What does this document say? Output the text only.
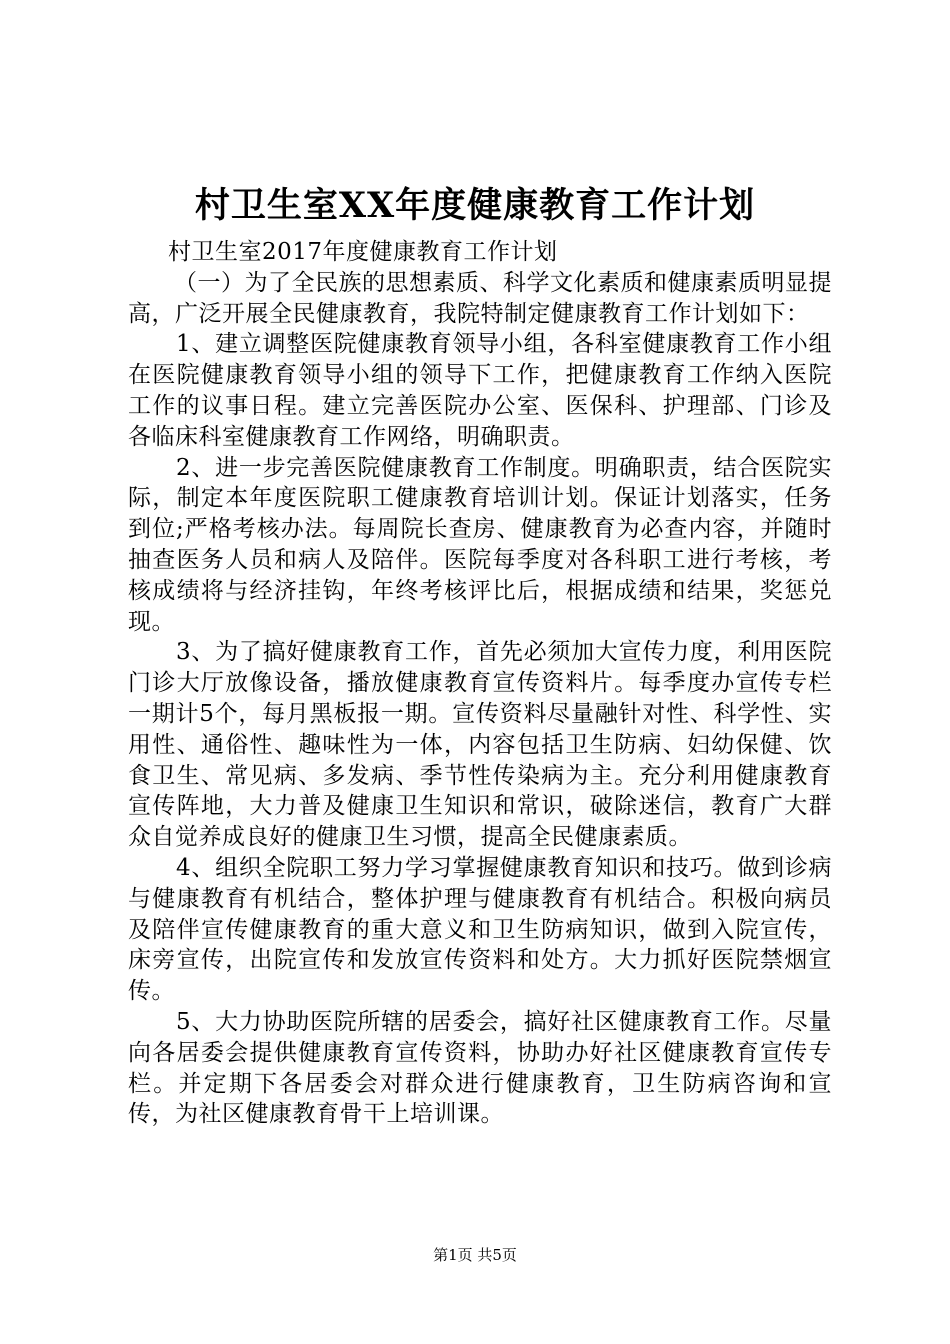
村卫生室XX年度健康教育工作计划

村卫生室2017年度健康教育工作计划

（一）为了全民族的思想素质、科学文化素质和健康素质明显提高，广泛开展全民健康教育，我院特制定健康教育工作计划如下：

1、建立调整医院健康教育领导小组，各科室健康教育工作小组在医院健康教育领导小组的领导下工作，把健康教育工作纳入医院工作的议事日程。建立完善医院办公室、医保科、护理部、门诊及各临床科室健康教育工作网络，明确职责。

2、进一步完善医院健康教育工作制度。明确职责，结合医院实际，制定本年度医院职工健康教育培训计划。保证计划落实，任务到位;严格考核办法。每周院长查房、健康教育为必查内容，并随时抽查医务人员和病人及陪伴。医院每季度对各科职工进行考核，考核成绩将与经济挂钩，年终考核评比后，根据成绩和结果，奖惩兑现。

3、为了搞好健康教育工作，首先必须加大宣传力度，利用医院门诊大厅放像设备，播放健康教育宣传资料片。每季度办宣传专栏一期计5个，每月黑板报一期。宣传资料尽量融针对性、科学性、实用性、通俗性、趣味性为一体，内容包括卫生防病、妇幼保健、饮食卫生、常见病、多发病、季节性传染病为主。充分利用健康教育宣传阵地，大力普及健康卫生知识和常识，破除迷信，教育广大群众自觉养成良好的健康卫生习惯，提高全民健康素质。

4、组织全院职工努力学习掌握健康教育知识和技巧。做到诊病与健康教育有机结合，整体护理与健康教育有机结合。积极向病员及陪伴宣传健康教育的重大意义和卫生防病知识，做到入院宣传，床旁宣传，出院宣传和发放宣传资料和处方。大力抓好医院禁烟宣传。

5、大力协助医院所辖的居委会，搞好社区健康教育工作。尽量向各居委会提供健康教育宣传资料，协助办好社区健康教育宣传专栏。并定期下各居委会对群众进行健康教育，卫生防病咨询和宣传，为社区健康教育骨干上培训课。

第1页 共5页
